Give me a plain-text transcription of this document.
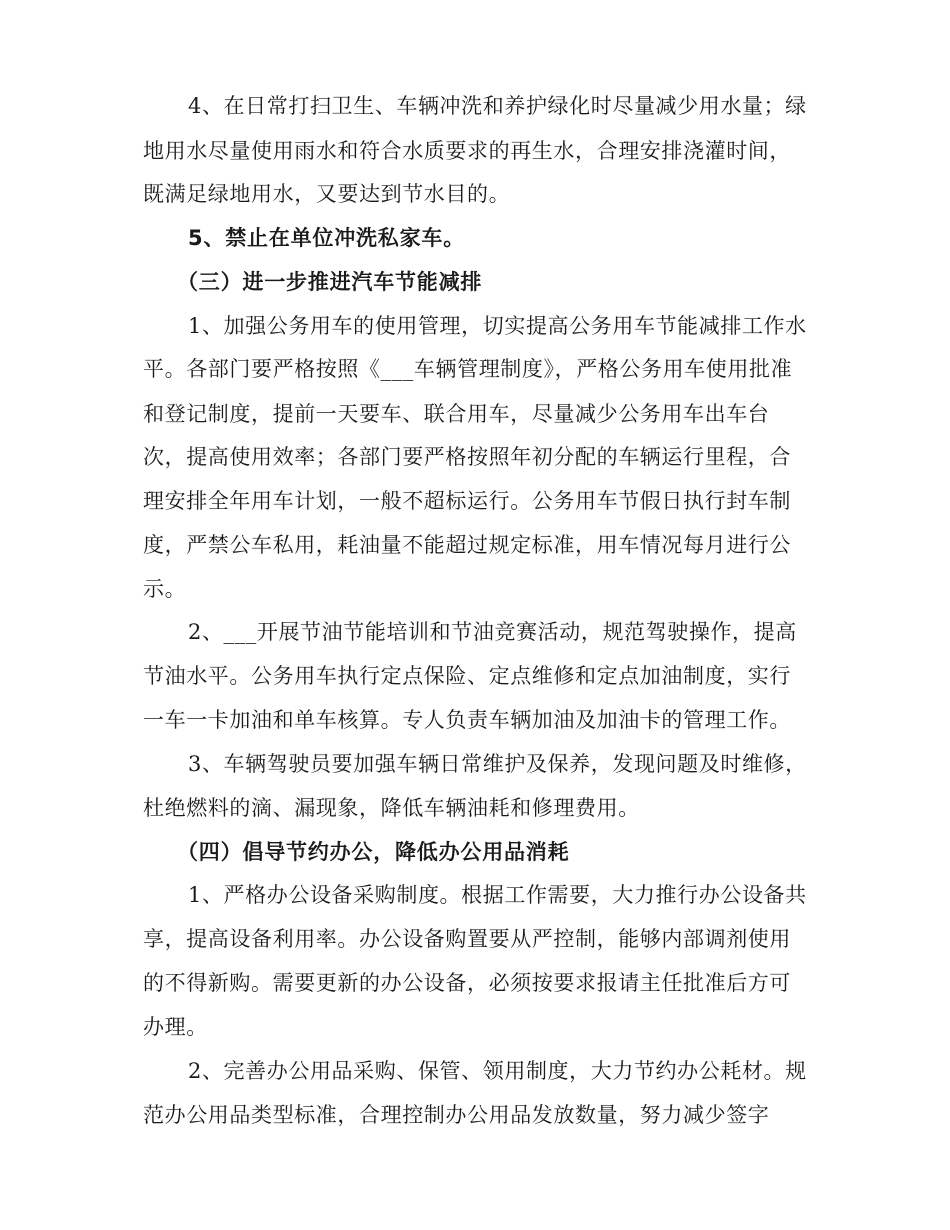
4、在日常打扫卫生、车辆冲洗和养护绿化时尽量减少用水量；绿
地用水尽量使用雨水和符合水质要求的再生水，合理安排浇灌时间，
既满足绿地用水，又要达到节水目的。
5、禁止在单位冲洗私家车。
（三）进一步推进汽车节能减排
1、加强公务用车的使用管理，切实提高公务用车节能减排工作水
平。各部门要严格按照《___车辆管理制度》，严格公务用车使用批准
和登记制度，提前一天要车、联合用车，尽量减少公务用车出车台
次，提高使用效率；各部门要严格按照年初分配的车辆运行里程，合
理安排全年用车计划，一般不超标运行。公务用车节假日执行封车制
度，严禁公车私用，耗油量不能超过规定标准，用车情况每月进行公
示。
2、___开展节油节能培训和节油竞赛活动，规范驾驶操作，提高
节油水平。公务用车执行定点保险、定点维修和定点加油制度，实行
一车一卡加油和单车核算。专人负责车辆加油及加油卡的管理工作。
3、车辆驾驶员要加强车辆日常维护及保养，发现问题及时维修，
杜绝燃料的滴、漏现象，降低车辆油耗和修理费用。
（四）倡导节约办公，降低办公用品消耗
1、严格办公设备采购制度。根据工作需要，大力推行办公设备共
享，提高设备利用率。办公设备购置要从严控制，能够内部调剂使用
的不得新购。需要更新的办公设备，必须按要求报请主任批准后方可
办理。
2、完善办公用品采购、保管、领用制度，大力节约办公耗材。规
范办公用品类型标准，合理控制办公用品发放数量，努力减少签字
